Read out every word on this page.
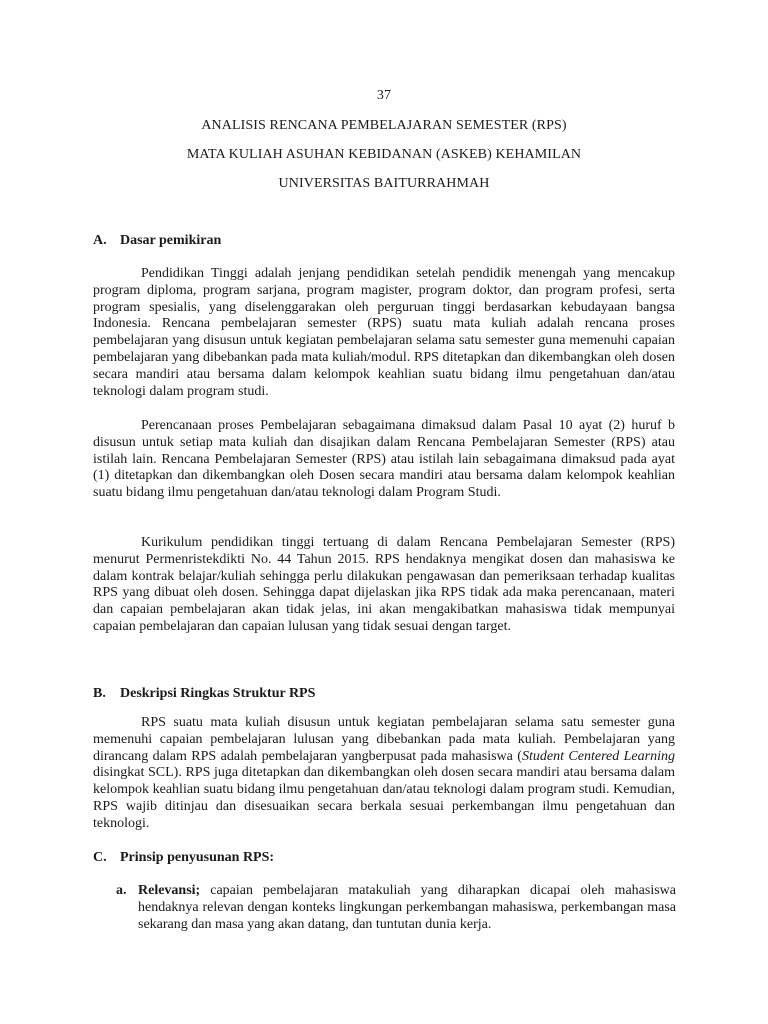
37
ANALISIS RENCANA PEMBELAJARAN SEMESTER (RPS)
MATA KULIAH ASUHAN KEBIDANAN (ASKEB) KEHAMILAN
UNIVERSITAS BAITURRAHMAH
A. Dasar pemikiran

Pendidikan Tinggi adalah jenjang pendidikan setelah pendidik menengah yang mencakup program diploma, program sarjana, program magister, program doktor, dan program profesi, serta program spesialis, yang diselenggarakan oleh perguruan tinggi berdasarkan kebudayaan bangsa Indonesia. Rencana pembelajaran semester (RPS) suatu mata kuliah adalah rencana proses pembelajaran yang disusun untuk kegiatan pembelajaran selama satu semester guna memenuhi capaian pembelajaran yang dibebankan pada mata kuliah/modul. RPS ditetapkan dan dikembangkan oleh dosen secara mandiri atau bersama dalam kelompok keahlian suatu bidang ilmu pengetahuan dan/atau teknologi dalam program studi.

Perencanaan proses Pembelajaran sebagaimana dimaksud dalam Pasal 10 ayat (2) huruf b disusun untuk setiap mata kuliah dan disajikan dalam Rencana Pembelajaran Semester (RPS) atau istilah lain. Rencana Pembelajaran Semester (RPS) atau istilah lain sebagaimana dimaksud pada ayat (1) ditetapkan dan dikembangkan oleh Dosen secara mandiri atau bersama dalam kelompok keahlian suatu bidang ilmu pengetahuan dan/atau teknologi dalam Program Studi.

Kurikulum pendidikan tinggi tertuang di dalam Rencana Pembelajaran Semester (RPS) menurut Permenristekdikti No. 44 Tahun 2015. RPS hendaknya mengikat dosen dan mahasiswa ke dalam kontrak belajar/kuliah sehingga perlu dilakukan pengawasan dan pemeriksaan terhadap kualitas RPS yang dibuat oleh dosen. Sehingga dapat dijelaskan jika RPS tidak ada maka perencanaan, materi dan capaian pembelajaran akan tidak jelas, ini akan mengakibatkan mahasiswa tidak mempunyai capaian pembelajaran dan capaian lulusan yang tidak sesuai dengan target.

B. Deskripsi Ringkas Struktur RPS

RPS suatu mata kuliah disusun untuk kegiatan pembelajaran selama satu semester guna memenuhi capaian pembelajaran lulusan yang dibebankan pada mata kuliah. Pembelajaran yang dirancang dalam RPS adalah pembelajaran yangberpusat pada mahasiswa (Student Centered Learning disingkat SCL). RPS juga ditetapkan dan dikembangkan oleh dosen secara mandiri atau bersama dalam kelompok keahlian suatu bidang ilmu pengetahuan dan/atau teknologi dalam program studi. Kemudian, RPS wajib ditinjau dan disesuaikan secara berkala sesuai perkembangan ilmu pengetahuan dan teknologi.

C. Prinsip penyusunan RPS:
a. Relevansi; capaian pembelajaran matakuliah yang diharapkan dicapai oleh mahasiswa hendaknya relevan dengan konteks lingkungan perkembangan mahasiswa, perkembangan masa sekarang dan masa yang akan datang, dan tuntutan dunia kerja.
